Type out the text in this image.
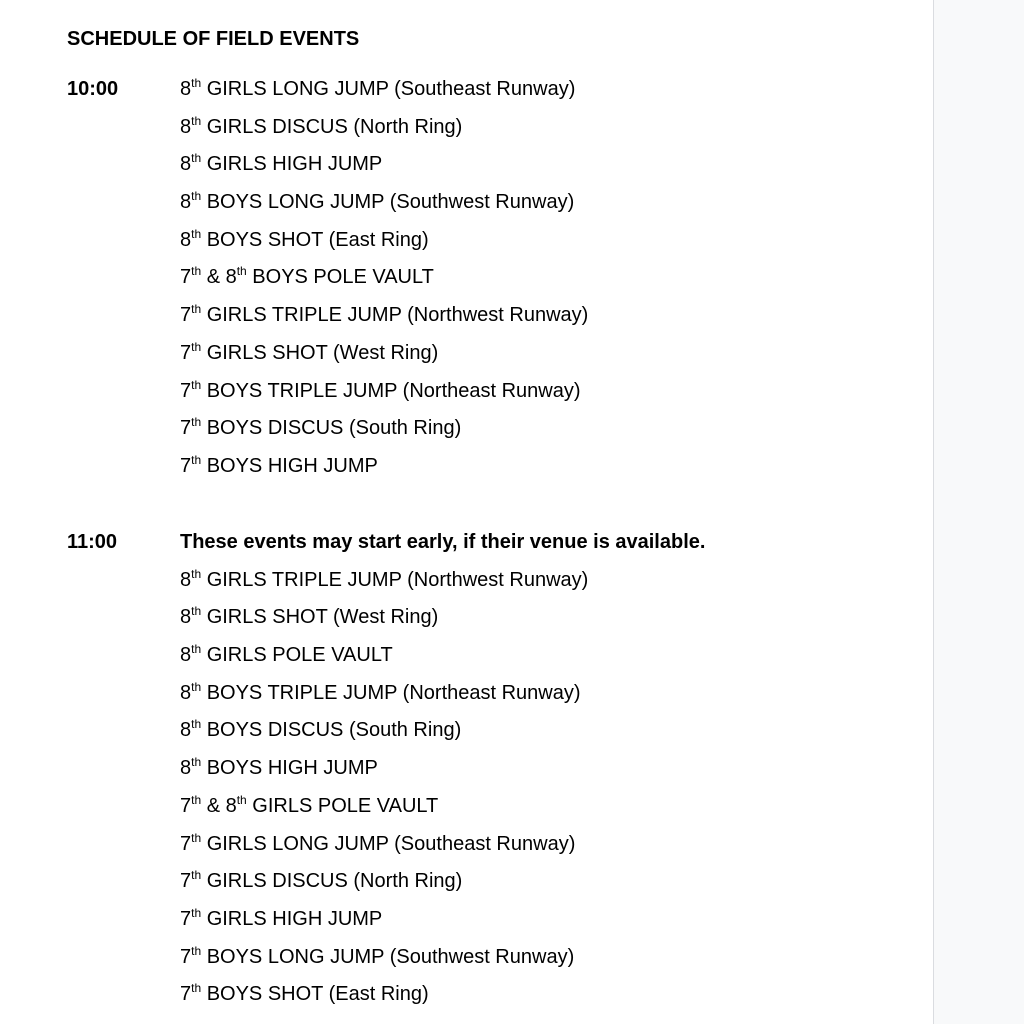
SCHEDULE OF FIELD EVENTS
10:00	8th GIRLS LONG JUMP (Southeast Runway)
8th GIRLS DISCUS (North Ring)
8th GIRLS HIGH JUMP
8th BOYS LONG JUMP (Southwest Runway)
8th BOYS SHOT (East Ring)
7th & 8th BOYS POLE VAULT
7th GIRLS TRIPLE JUMP (Northwest Runway)
7th GIRLS SHOT (West Ring)
7th BOYS TRIPLE JUMP (Northeast Runway)
7th BOYS DISCUS (South Ring)
7th BOYS HIGH JUMP
11:00	These events may start early, if their venue is available.
8th GIRLS TRIPLE JUMP (Northwest Runway)
8th GIRLS SHOT (West Ring)
8th GIRLS POLE VAULT
8th BOYS TRIPLE JUMP (Northeast Runway)
8th BOYS DISCUS (South Ring)
8th BOYS HIGH JUMP
7th & 8th GIRLS POLE VAULT
7th GIRLS LONG JUMP (Southeast Runway)
7th GIRLS DISCUS (North Ring)
7th GIRLS HIGH JUMP
7th BOYS LONG JUMP (Southwest Runway)
7th BOYS SHOT (East Ring)
